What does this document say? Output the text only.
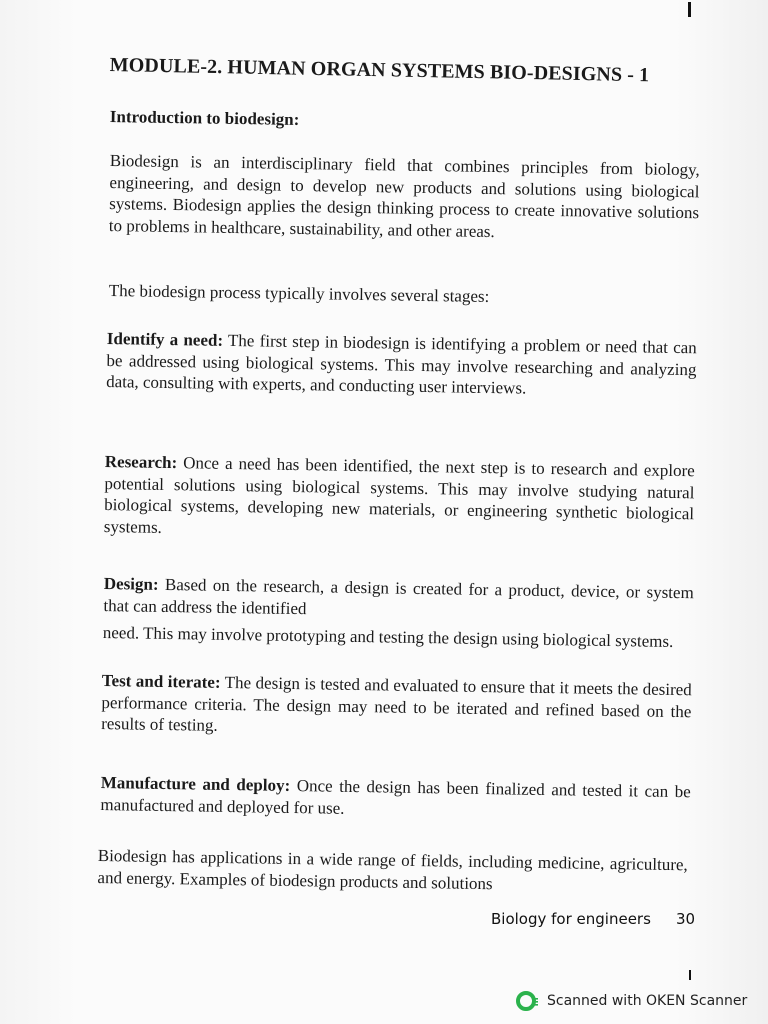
MODULE-2. HUMAN ORGAN SYSTEMS BIO-DESIGNS - 1
Introduction to biodesign:
Biodesign is an interdisciplinary field that combines principles from biology, engineering, and design to develop new products and solutions using biological systems. Biodesign applies the design thinking process to create innovative solutions to problems in healthcare, sustainability, and other areas.
The biodesign process typically involves several stages:
Identify a need: The first step in biodesign is identifying a problem or need that can be addressed using biological systems. This may involve researching and analyzing data, consulting with experts, and conducting user interviews.
Research: Once a need has been identified, the next step is to research and explore potential solutions using biological systems. This may involve studying natural biological systems, developing new materials, or engineering synthetic biological systems.
Design: Based on the research, a design is created for a product, device, or system that can address the identified
need. This may involve prototyping and testing the design using biological systems.
Test and iterate: The design is tested and evaluated to ensure that it meets the desired performance criteria. The design may need to be iterated and refined based on the results of testing.
Manufacture and deploy: Once the design has been finalized and tested it can be manufactured and deployed for use.
Biodesign has applications in a wide range of fields, including medicine, agriculture, and energy. Examples of biodesign products and solutions
Biology for engineers 30
Scanned with OKEN Scanner
